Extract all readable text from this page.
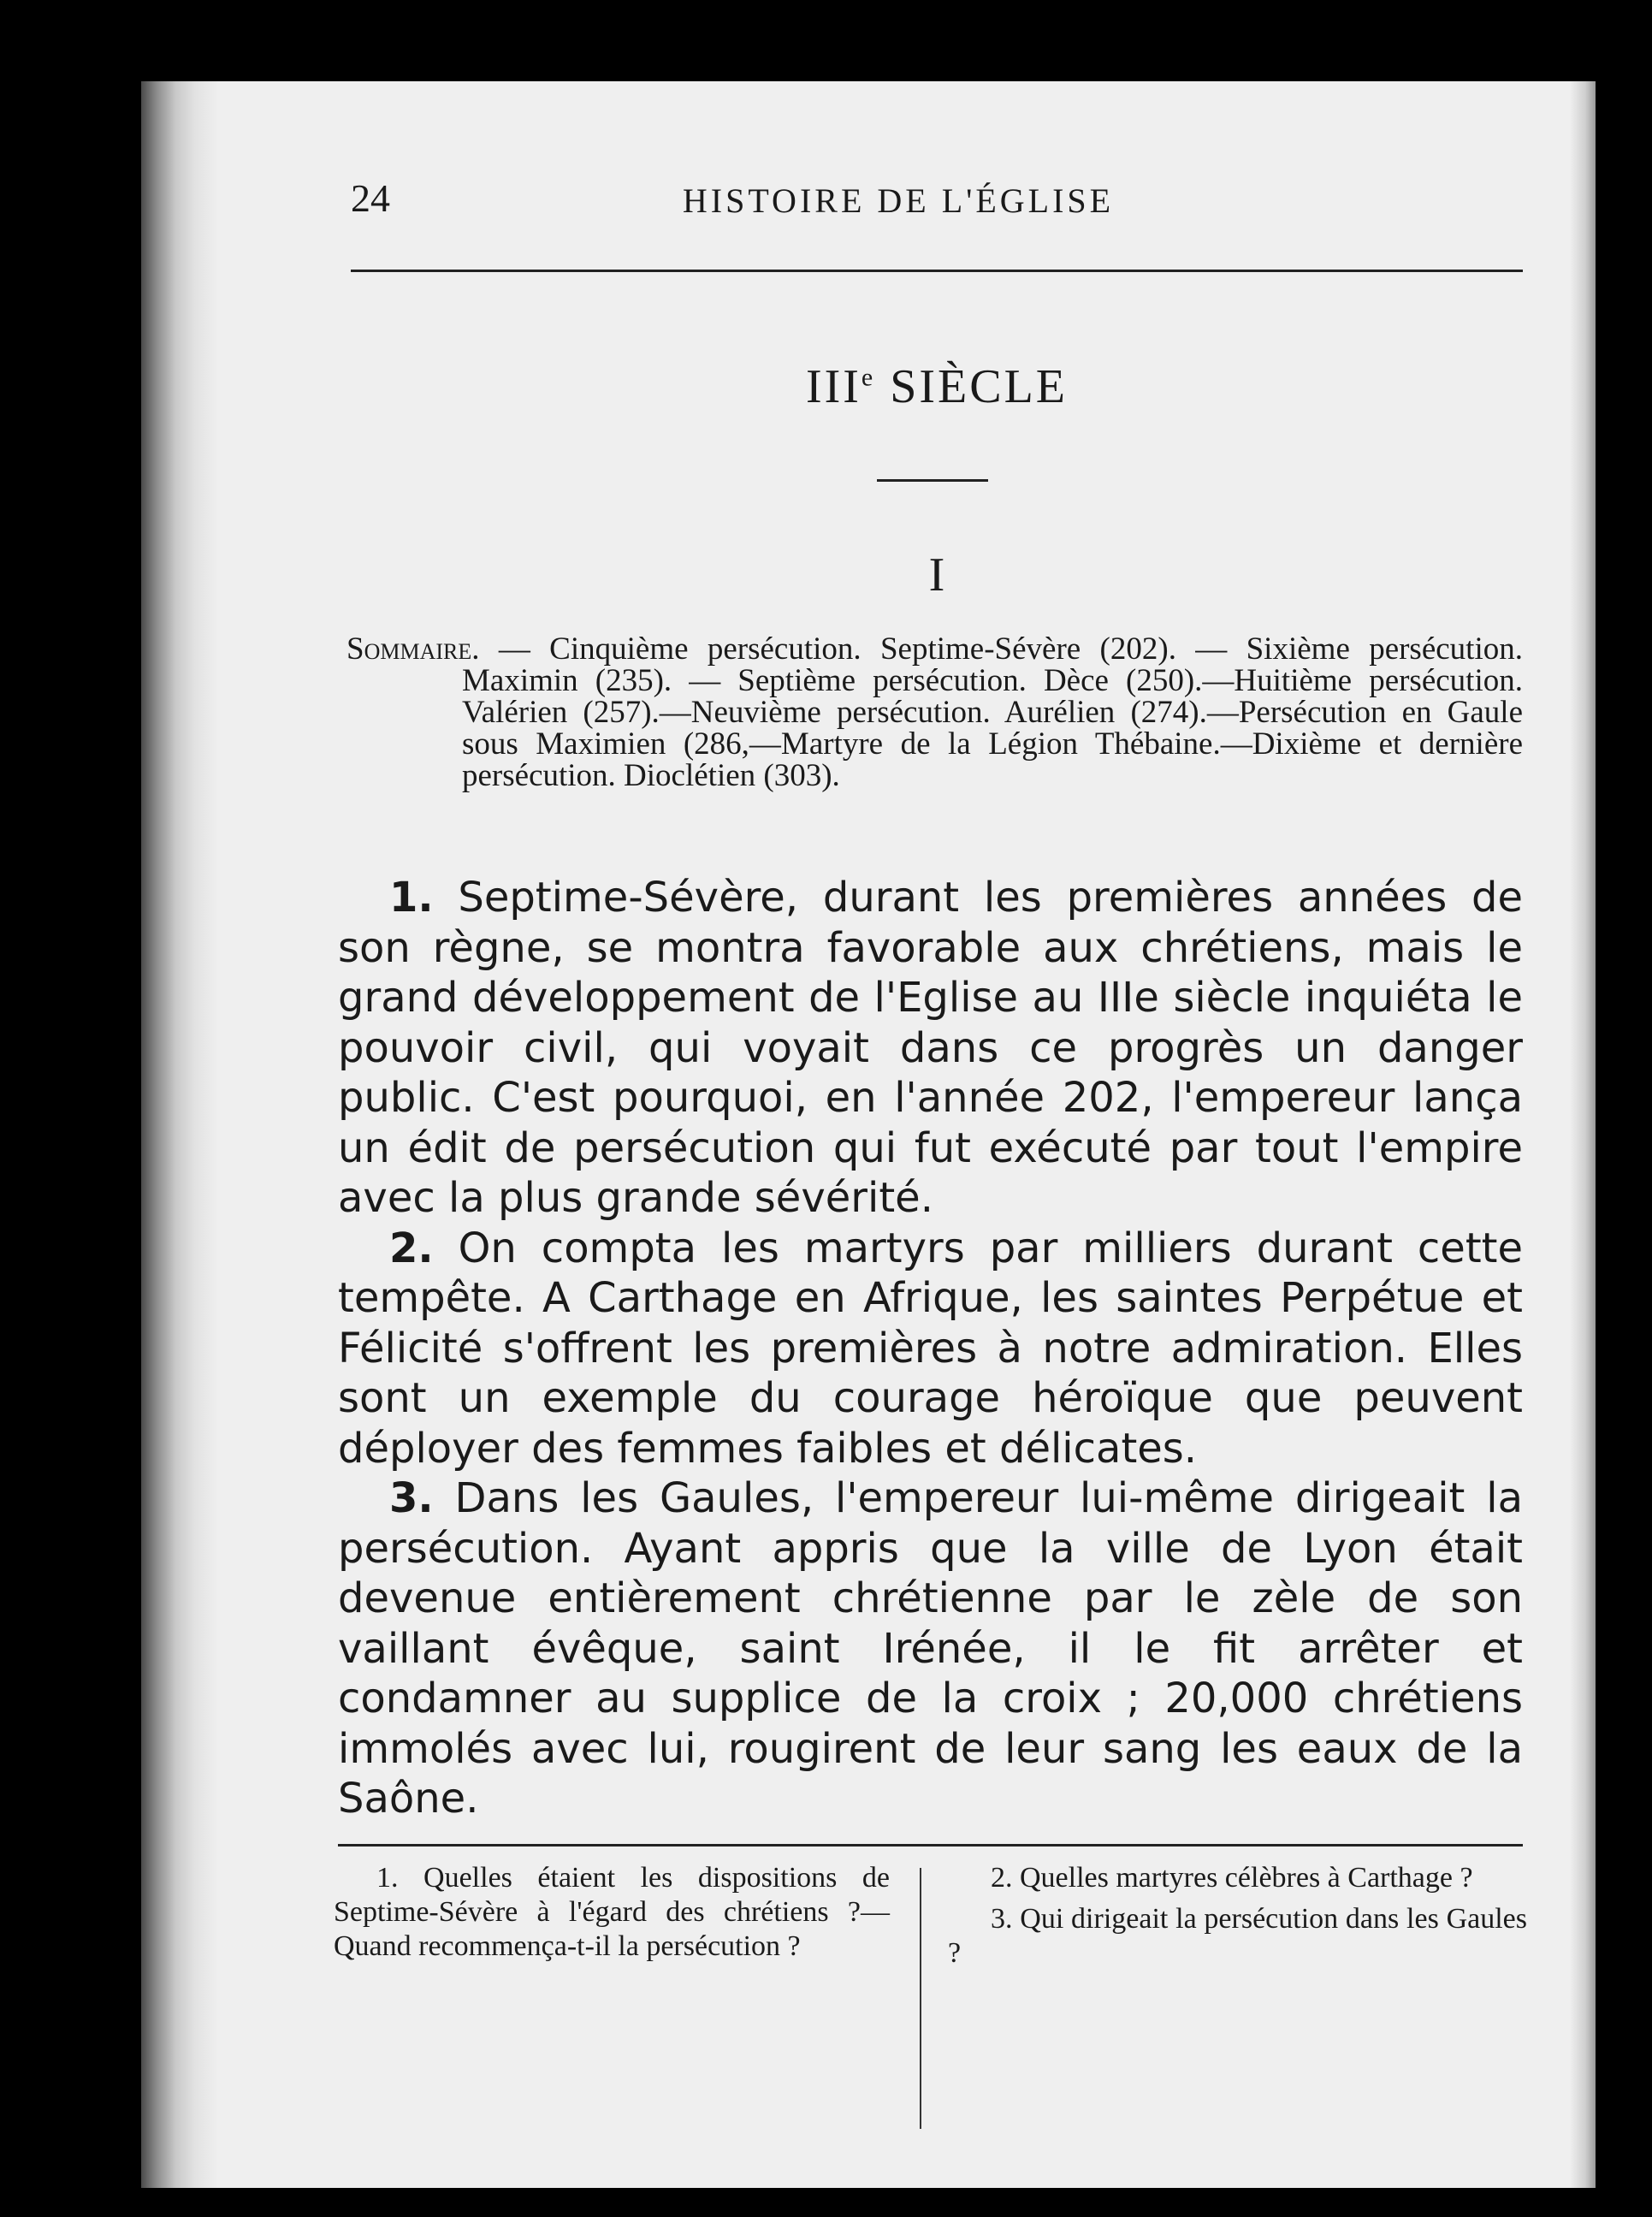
24	HISTOIRE DE L'ÉGLISE
IIIe SIÈCLE
I
Sommaire. — Cinquième persécution. Septime-Sévère (202). — Sixième persécution. Maximin (235). — Septième persécution. Dèce (250).—Huitième persécution. Valérien (257).—Neuvième persécution. Aurélien (274).—Persécution en Gaule sous Maximien (286,—Martyre de la Légion Thébaine.—Dixième et dernière persécution. Dioclétien (303).

1. Septime-Sévère, durant les premières années de son règne, se montra favorable aux chrétiens, mais le grand développement de l'Eglise au IIIe siècle inquiéta le pouvoir civil, qui voyait dans ce progrès un danger public. C'est pourquoi, en l'année 202, l'empereur lança un édit de persécution qui fut exécuté par tout l'empire avec la plus grande sévérité.

2. On compta les martyrs par milliers durant cette tempête. A Carthage en Afrique, les saintes Perpétue et Félicité s'offrent les premières à notre admiration. Elles sont un exemple du courage héroïque que peuvent déployer des femmes faibles et délicates.

3. Dans les Gaules, l'empereur lui-même dirigeait la persécution. Ayant appris que la ville de Lyon était devenue entièrement chrétienne par le zèle de son vaillant évêque, saint Irénée, il le fit arrêter et condamner au supplice de la croix ; 20,000 chrétiens immolés avec lui, rougirent de leur sang les eaux de la Saône.

1. Quelles étaient les dispositions de Septime-Sévère à l'égard des chrétiens ?—Quand recommença-t-il la persécution ?

2. Quelles martyres célèbres à Carthage ?

3. Qui dirigeait la persécution dans les Gaules ?
